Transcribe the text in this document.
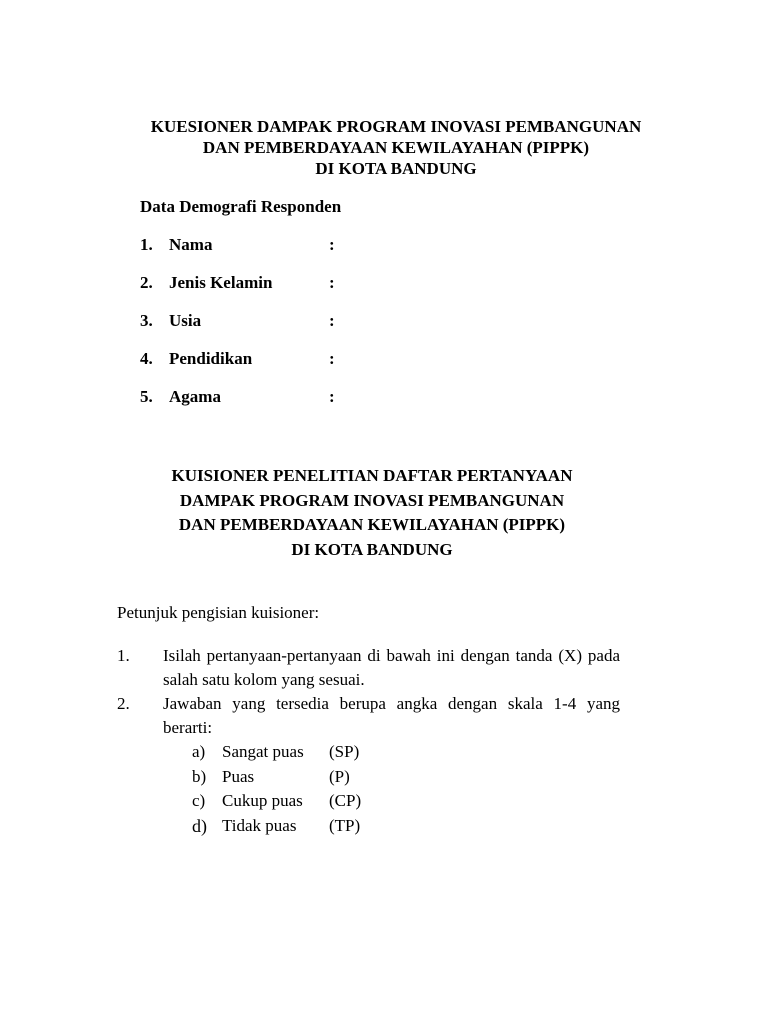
KUESIONER DAMPAK PROGRAM INOVASI PEMBANGUNAN
DAN PEMBERDAYAAN KEWILAYAHAN (PIPPK)
DI KOTA BANDUNG
Data Demografi Responden
1. Nama	:
2. Jenis Kelamin	:
3. Usia	:
4. Pendidikan	:
5. Agama	:
KUISIONER PENELITIAN DAFTAR PERTANYAAN
DAMPAK PROGRAM INOVASI PEMBANGUNAN
DAN PEMBERDAYAAN KEWILAYAHAN (PIPPK)
DI KOTA BANDUNG
Petunjuk pengisian kuisioner:
1. Isilah pertanyaan-pertanyaan di bawah ini dengan tanda (X) pada salah satu kolom yang sesuai.
2. Jawaban yang tersedia berupa angka dengan skala 1-4 yang berarti:
a) Sangat puas (SP)
b) Puas	(P)
c) Cukup puas (CP)
d) Tidak puas (TP)
